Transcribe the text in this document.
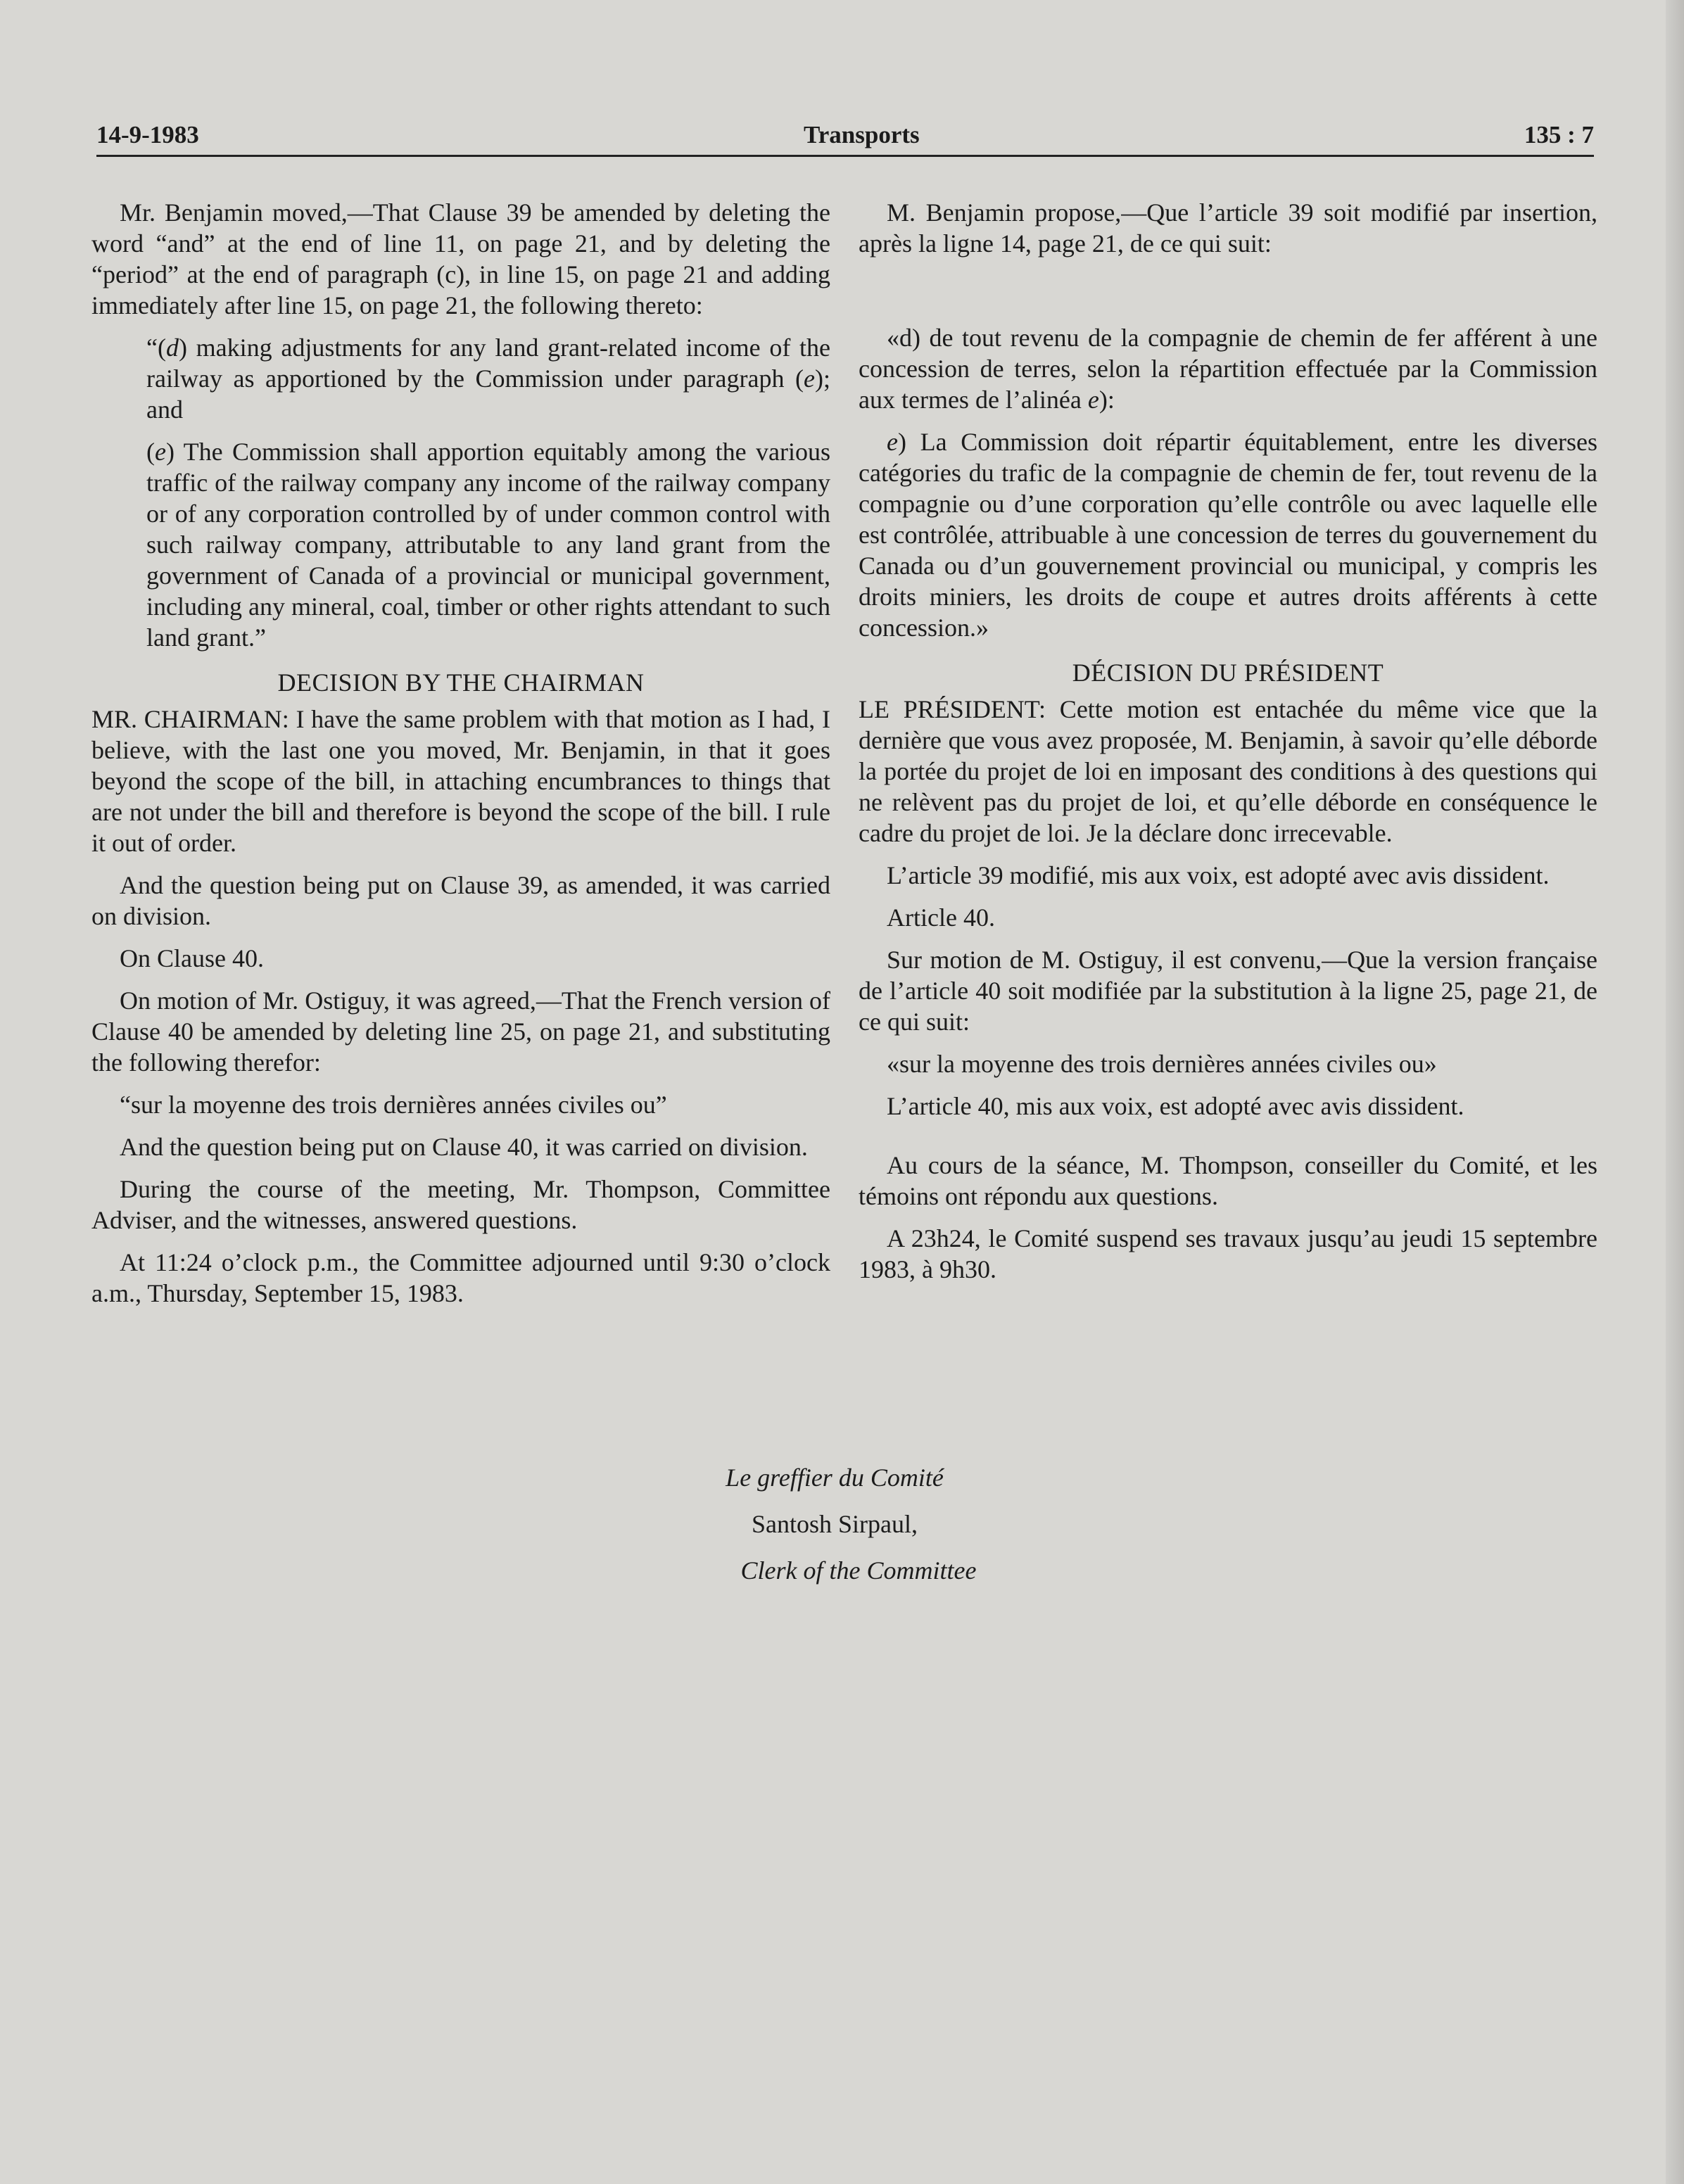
14-9-1983	Transports	135 : 7

Mr. Benjamin moved,—That Clause 39 be amended by deleting the word “and” at the end of line 11, on page 21, and by deleting the “period” at the end of paragraph (c), in line 15, on page 21 and adding immediately after line 15, on page 21, the following thereto:

“(d) making adjustments for any land grant-related income of the railway as apportioned by the Commission under paragraph (e); and

(e) The Commission shall apportion equitably among the various traffic of the railway company any income of the railway company or of any corporation controlled by of under common control with such railway company, attributable to any land grant from the government of Canada of a provincial or municipal government, including any mineral, coal, timber or other rights attendant to such land grant.”

DECISION BY THE CHAIRMAN

MR. CHAIRMAN: I have the same problem with that motion as I had, I believe, with the last one you moved, Mr. Benjamin, in that it goes beyond the scope of the bill, in attaching encumbrances to things that are not under the bill and therefore is beyond the scope of the bill. I rule it out of order.

And the question being put on Clause 39, as amended, it was carried on division.

On Clause 40.

On motion of Mr. Ostiguy, it was agreed,—That the French version of Clause 40 be amended by deleting line 25, on page 21, and substituting the following therefor:

“sur la moyenne des trois dernières années civiles ou”

And the question being put on Clause 40, it was carried on division.

During the course of the meeting, Mr. Thompson, Committee Adviser, and the witnesses, answered questions.

At 11:24 o’clock p.m., the Committee adjourned until 9:30 o’clock a.m., Thursday, September 15, 1983.

M. Benjamin propose,—Que l’article 39 soit modifié par insertion, après la ligne 14, page 21, de ce qui suit:

«d) de tout revenu de la compagnie de chemin de fer afférent à une concession de terres, selon la répartition effectuée par la Commission aux termes de l’alinéa e):

e) La Commission doit répartir équitablement, entre les diverses catégories du trafic de la compagnie de chemin de fer, tout revenu de la compagnie ou d’une corporation qu’elle contrôle ou avec laquelle elle est contrôlée, attribuable à une concession de terres du gouvernement du Canada ou d’un gouvernement provincial ou municipal, y compris les droits miniers, les droits de coupe et autres droits afférents à cette concession.»

DÉCISION DU PRÉSIDENT

LE PRÉSIDENT: Cette motion est entachée du même vice que la dernière que vous avez proposée, M. Benjamin, à savoir qu’elle déborde la portée du projet de loi en imposant des conditions à des questions qui ne relèvent pas du projet de loi, et qu’elle déborde en conséquence le cadre du projet de loi. Je la déclare donc irrecevable.

L’article 39 modifié, mis aux voix, est adopté avec avis dissident.

Article 40.

Sur motion de M. Ostiguy, il est convenu,—Que la version française de l’article 40 soit modifiée par la substitution à la ligne 25, page 21, de ce qui suit:

«sur la moyenne des trois dernières années civiles ou»

L’article 40, mis aux voix, est adopté avec avis dissident.

Au cours de la séance, M. Thompson, conseiller du Comité, et les témoins ont répondu aux questions.

A 23h24, le Comité suspend ses travaux jusqu’au jeudi 15 septembre 1983, à 9h30.

Le greffier du Comité
Santosh Sirpaul,
Clerk of the Committee
